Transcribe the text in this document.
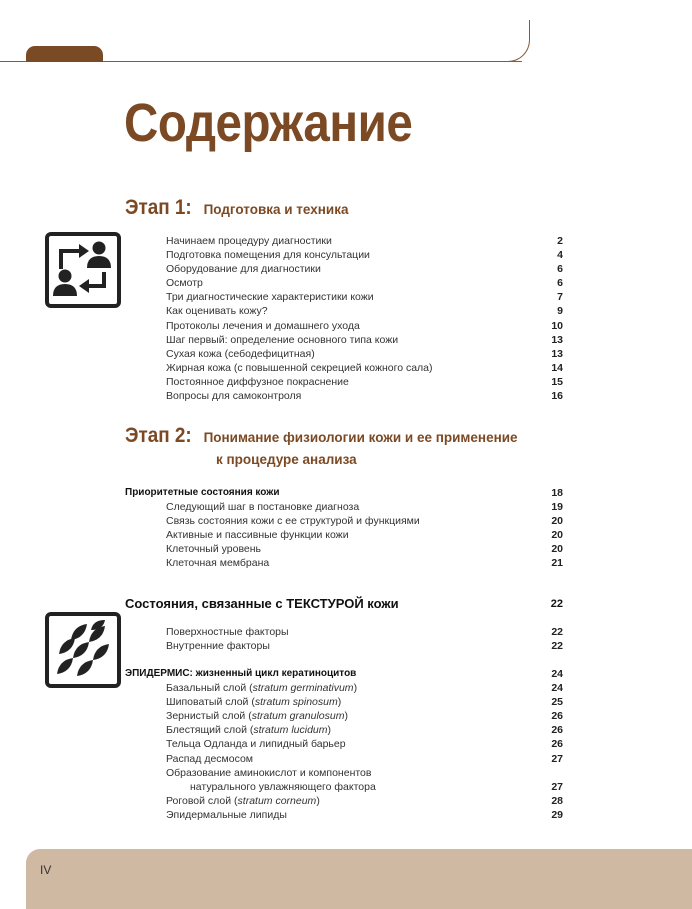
Содержание
Этап 1: Подготовка и техника
Начинаем процедуру диагностики	2
Подготовка помещения для консультации	4
Оборудование для диагностики	6
Осмотр	6
Три диагностические характеристики кожи	7
Как оценивать кожу?	9
Протоколы лечения и домашнего ухода	10
Шаг первый: определение основного типа кожи	13
Сухая кожа (себодефицитная)	13
Жирная кожа (с повышенной секрецией кожного сала)	14
Постоянное диффузное покраснение	15
Вопросы для самоконтроля	16
Этап 2: Понимание физиологии кожи и ее применение
к процедуре анализа
Приоритетные состояния кожи	18
Следующий шаг в постановке диагноза	19
Связь состояния кожи с ее структурой и функциями	20
Активные и пассивные функции кожи	20
Клеточный уровень	20
Клеточная мембрана	21
Состояния, связанные с ТЕКСТУРОЙ кожи	22
Поверхностные факторы	22
Внутренние факторы	22
ЭПИДЕРМИС: жизненный цикл кератиноцитов	24
Базальный слой (stratum germinativum)	24
Шиповатый слой (stratum spinosum)	25
Зернистый слой (stratum granulosum)	26
Блестящий слой (stratum lucidum)	26
Тельца Одланда и липидный барьер	26
Распад десмосом	27
Образование аминокислот и компонентов
натурального увлажняющего фактора	27
Роговой слой (stratum corneum)	28
Эпидермальные липиды	29
IV
